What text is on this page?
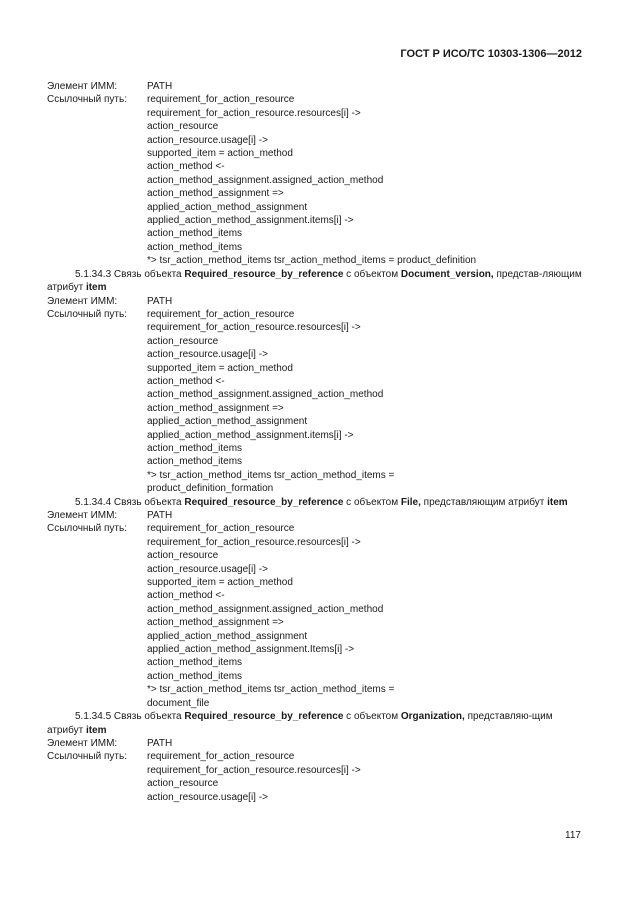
ГОСТ Р ИСО/ТС 10303-1306—2012
Элемент ИММ:	PATH
Ссылочный путь:	requirement_for_action_resource
requirement_for_action_resource.resources[i] ->
action_resource
action_resource.usage[i] ->
supported_item = action_method
action_method <-
action_method_assignment.assigned_action_method
action_method_assignment =>
applied_action_method_assignment
applied_action_method_assignment.items[i] ->
action_method_items
action_method_items
*> tsr_action_method_items tsr_action_method_items = product_definition
5.1.34.3 Связь объекта Required_resource_by_reference с объектом Document_version, представ-ляющим атрибут item
Элемент ИММ:	PATH
Ссылочный путь:	requirement_for_action_resource
requirement_for_action_resource.resources[i] ->
action_resource
action_resource.usage[i] ->
supported_item = action_method
action_method <-
action_method_assignment.assigned_action_method
action_method_assignment =>
applied_action_method_assignment
applied_action_method_assignment.items[i] ->
action_method_items
action_method_items
*> tsr_action_method_items tsr_action_method_items =
product_definition_formation
5.1.34.4 Связь объекта Required_resource_by_reference с объектом File, представляющим атрибут item
Элемент ИММ:	PATH
Ссылочный путь:	requirement_for_action_resource
requirement_for_action_resource.resources[i] ->
action_resource
action_resource.usage[i] ->
supported_item = action_method
action_method <-
action_method_assignment.assigned_action_method
action_method_assignment =>
applied_action_method_assignment
applied_action_method_assignment.Items[i] ->
action_method_items
action_method_items
*> tsr_action_method_items tsr_action_method_items =
document_file
5.1.34.5 Связь объекта Required_resource_by_reference с объектом Organization, представляю-щим атрибут item
Элемент ИММ:	PATH
Ссылочный путь:	requirement_for_action_resource
requirement_for_action_resource.resources[i] ->
action_resource
action_resource.usage[i] ->
117
